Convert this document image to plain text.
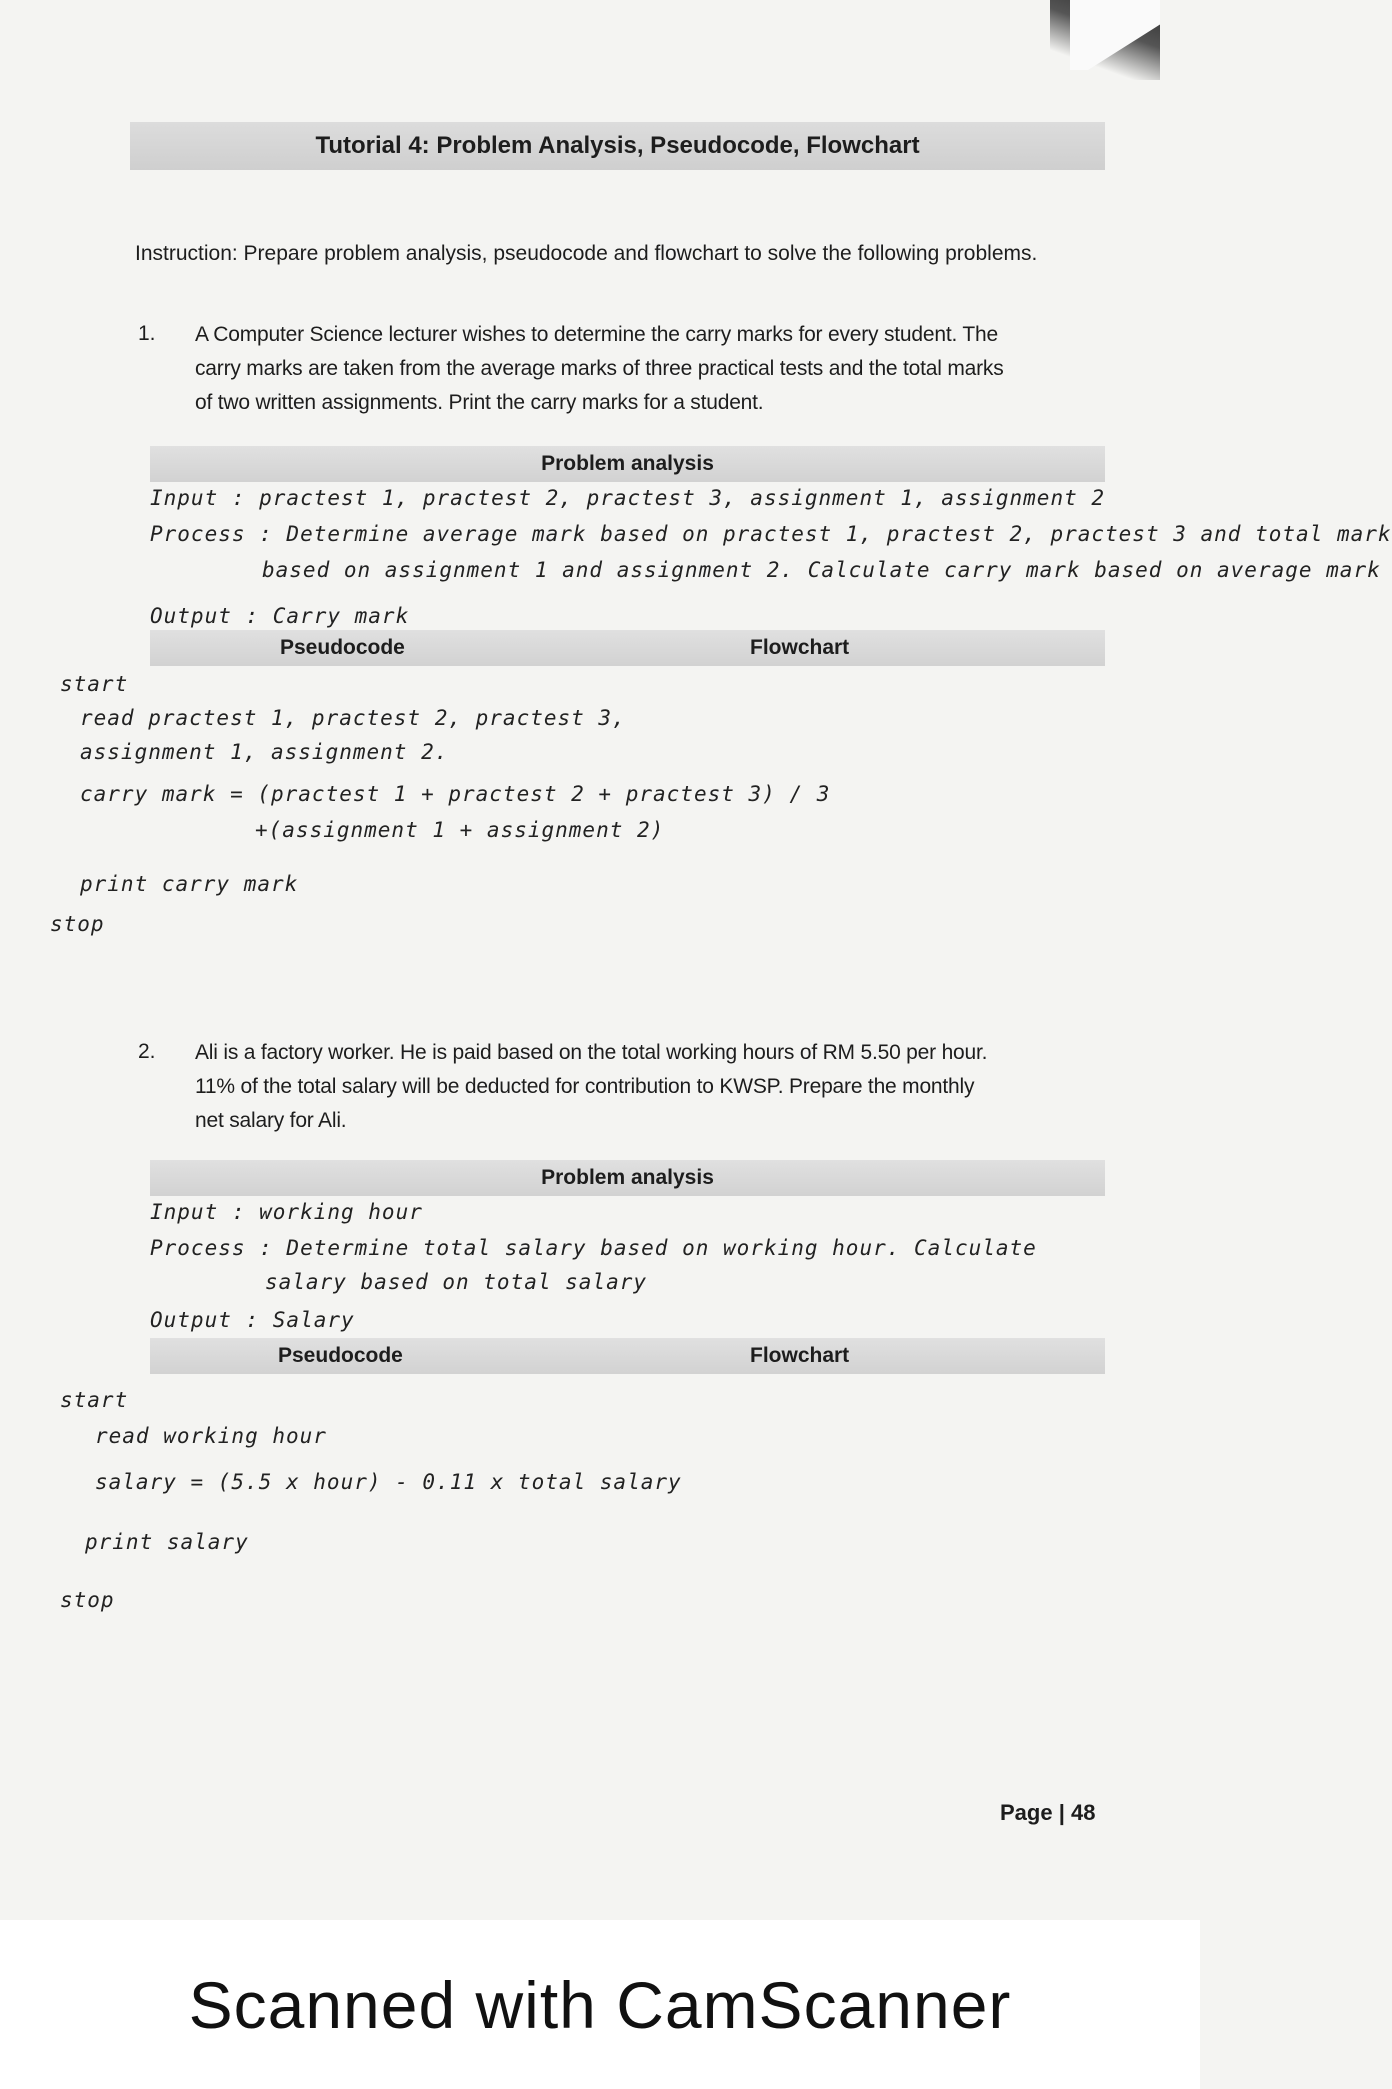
Tutorial 4: Problem Analysis, Pseudocode, Flowchart
Instruction: Prepare problem analysis, pseudocode and flowchart to solve the following problems.
1. A Computer Science lecturer wishes to determine the carry marks for every student. The
carry marks are taken from the average marks of three practical tests and the total marks
of two written assignments. Print the carry marks for a student.
Problem analysis
Input : practest 1, practest 2, practest 3, assignment 1, assignment 2
Process : Determine average mark based on practest 1, practest 2, practest 3 and total mark
based on assignment 1 and assignment 2. Calculate carry mark based on average mark
Output : Carry mark
Pseudocode	Flowchart
start
read practest 1, practest 2, practest 3,
assignment 1, assignment 2.
carry mark = (practest 1 + practest 2 + practest 3) / 3
+(assignment 1 + assignment 2)
print carry mark
stop
2. Ali is a factory worker. He is paid based on the total working hours of RM 5.50 per hour.
11% of the total salary will be deducted for contribution to KWSP. Prepare the monthly
net salary for Ali.
Problem analysis
Input : working hour
Process : Determine total salary based on working hour. Calculate
salary based on total salary
Output : Salary
Pseudocode	Flowchart
start
read working hour
salary = (5.5 x hour) - 0.11 x total salary
print salary
stop
Page | 48
Scanned with CamScanner
